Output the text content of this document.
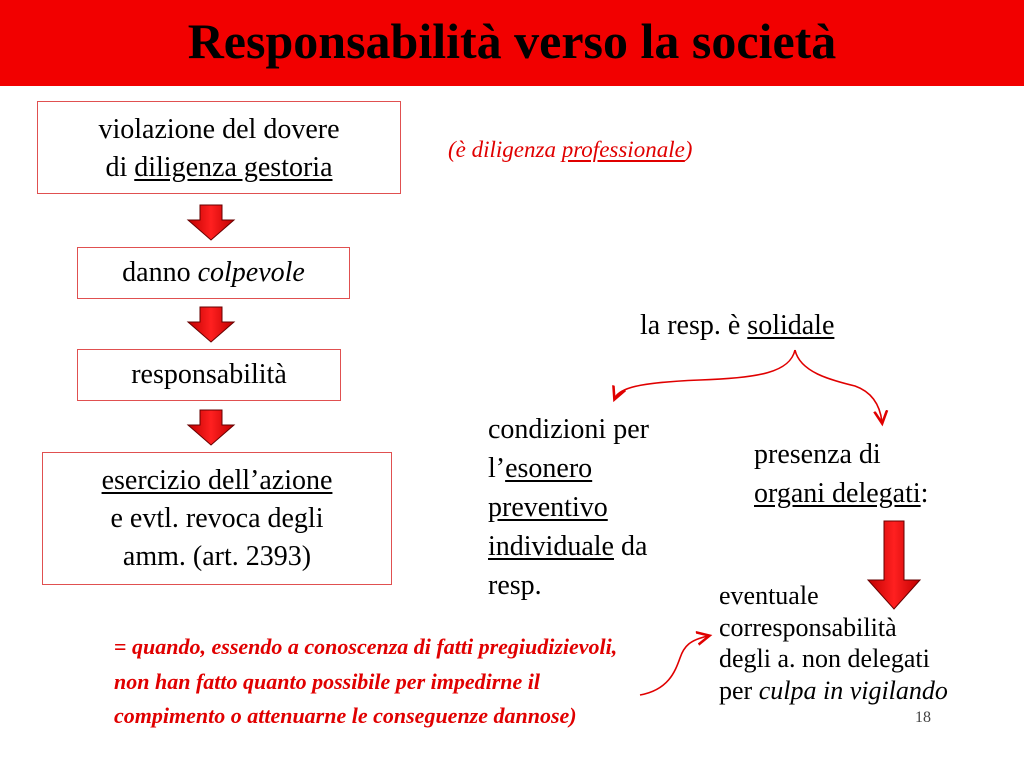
Responsabilità verso la società
violazione del dovere
di diligenza gestoria
danno colpevole
responsabilità
esercizio dell’azione
e evtl. revoca degli
amm. (art. 2393)
(è diligenza professionale)
la resp. è solidale
condizioni per
l’esonero
preventivo
individuale da
resp.
presenza di
organi delegati:
eventuale
corresponsabilità
degli a. non delegati
per culpa in vigilando
= quando, essendo a conoscenza di fatti pregiudizievoli, non han fatto quanto possibile per impedirne il compimento o attenuarne le conseguenze dannose)	18
